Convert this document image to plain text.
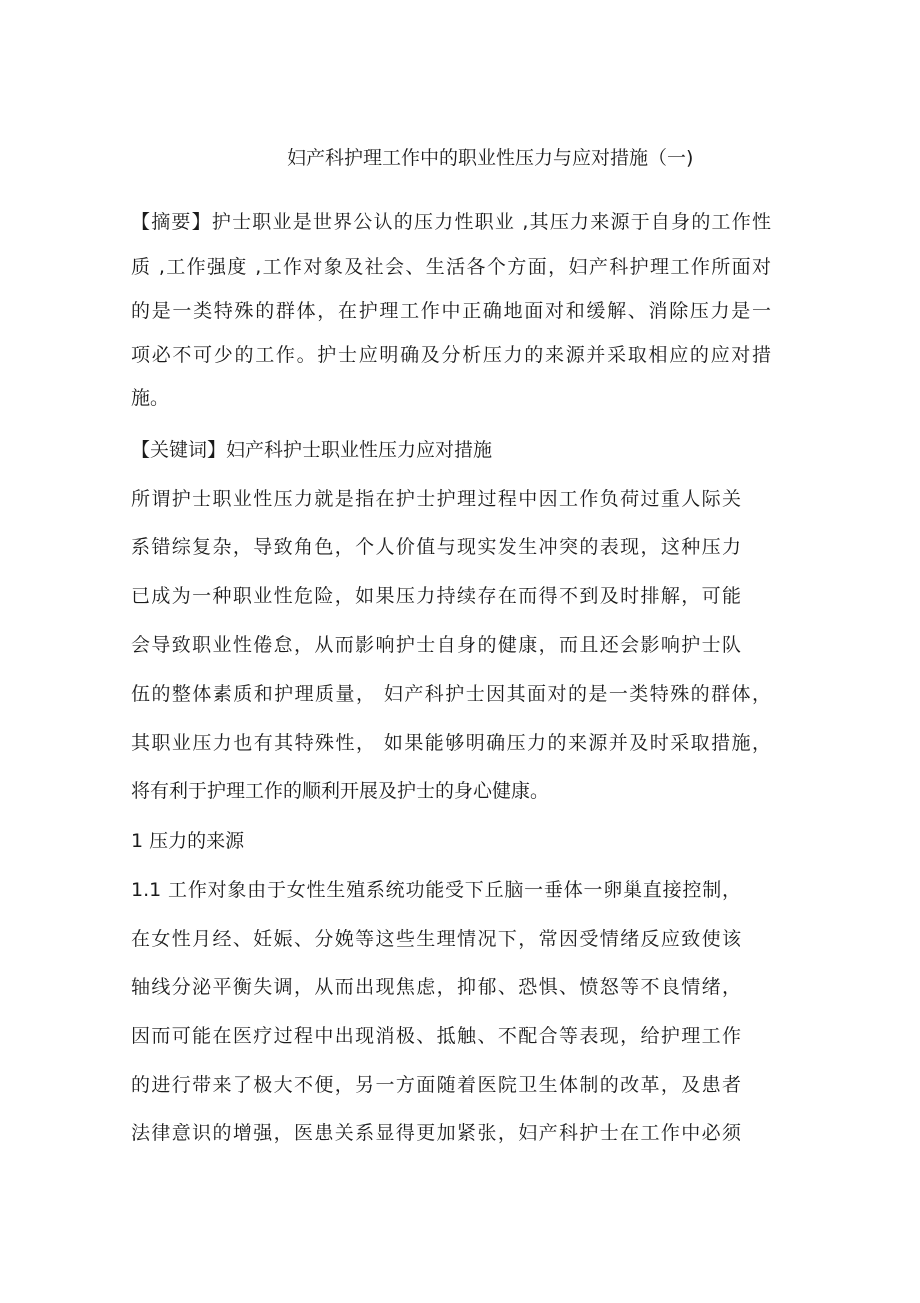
妇产科护理工作中的职业性压力与应对措施（一)
【摘要】护士职业是世界公认的压力性职业 ,其压力来源于自身的工作性
质 ,工作强度 ,工作对象及社会、生活各个方面，妇产科护理工作所面对
的是一类特殊的群体，在护理工作中正确地面对和缓解、消除压力是一
项必不可少的工作。护士应明确及分析压力的来源并采取相应的应对措
施。
【关键词】妇产科护士职业性压力应对措施
所谓护士职业性压力就是指在护士护理过程中因工作负荷过重人际关
系错综复杂，导致角色，个人价值与现实发生冲突的表现，这种压力
已成为一种职业性危险，如果压力持续存在而得不到及时排解，可能
会导致职业性倦怠，从而影响护士自身的健康，而且还会影响护士队
伍的整体素质和护理质量， 妇产科护士因其面对的是一类特殊的群体，
其职业压力也有其特殊性， 如果能够明确压力的来源并及时采取措施，
将有利于护理工作的顺利开展及护士的身心健康。
1 压力的来源
1.1 工作对象由于女性生殖系统功能受下丘脑一垂体一卵巢直接控制，
在女性月经、妊娠、分娩等这些生理情况下，常因受情绪反应致使该
轴线分泌平衡失调，从而出现焦虑，抑郁、恐惧、愤怒等不良情绪，
因而可能在医疗过程中出现消极、抵触、不配合等表现，给护理工作
的进行带来了极大不便，另一方面随着医院卫生体制的改革，及患者
法律意识的增强，医患关系显得更加紧张，妇产科护士在工作中必须
